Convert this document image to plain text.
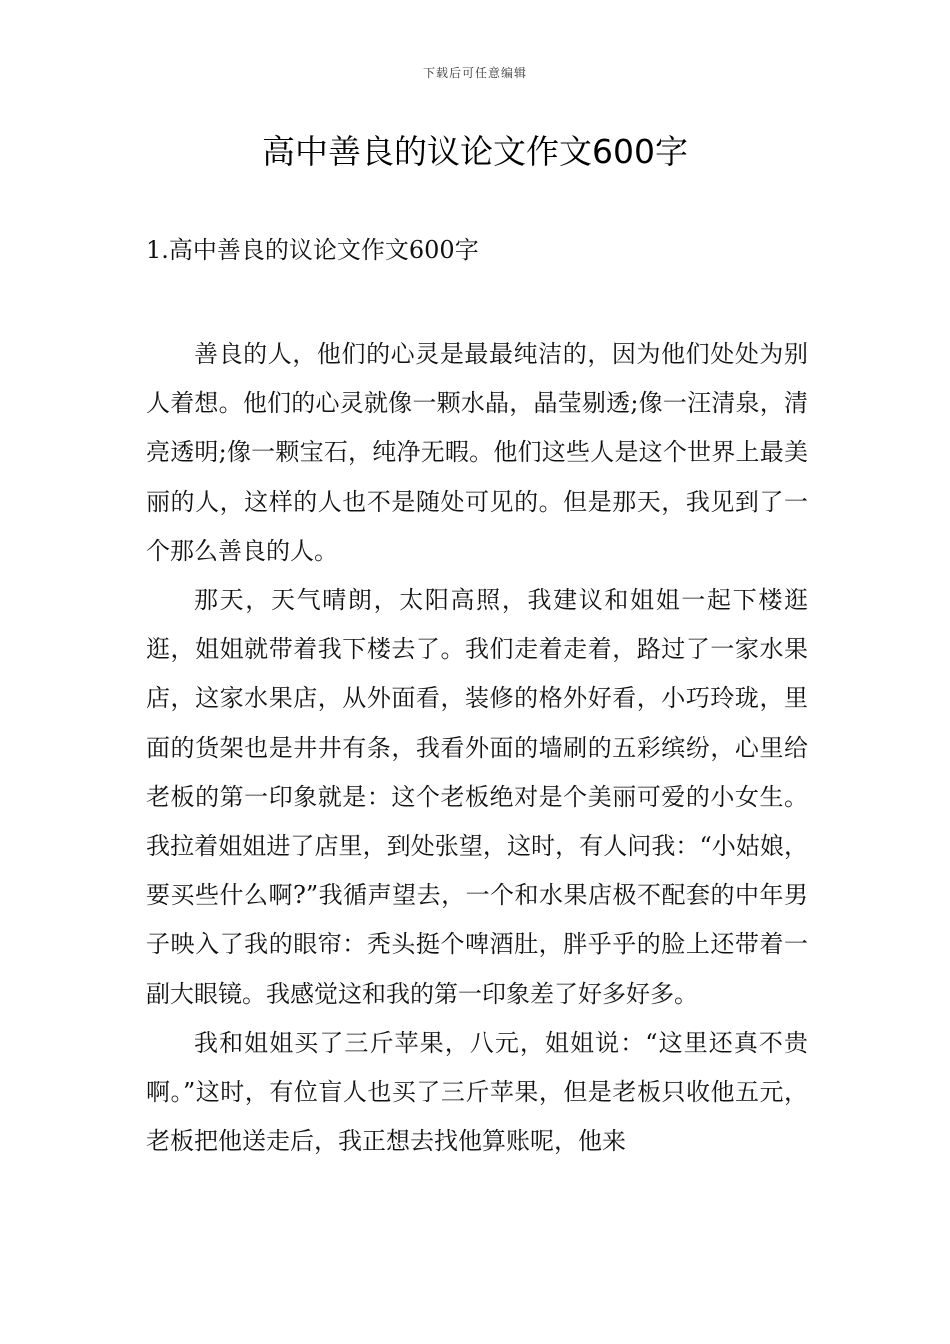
下载后可任意编辑
高中善良的议论文作文600字
1.高中善良的议论文作文600字

善良的人，他们的心灵是最最纯洁的，因为他们处处为别人着想。他们的心灵就像一颗水晶，晶莹剔透;像一汪清泉，清亮透明;像一颗宝石，纯净无暇。他们这些人是这个世界上最美丽的人，这样的人也不是随处可见的。但是那天，我见到了一个那么善良的人。

那天，天气晴朗，太阳高照，我建议和姐姐一起下楼逛逛，姐姐就带着我下楼去了。我们走着走着，路过了一家水果店，这家水果店，从外面看，装修的格外好看，小巧玲珑，里面的货架也是井井有条，我看外面的墙刷的五彩缤纷，心里给老板的第一印象就是：这个老板绝对是个美丽可爱的小女生。我拉着姐姐进了店里，到处张望，这时，有人问我：“小姑娘，要买些什么啊?”我循声望去，一个和水果店极不配套的中年男子映入了我的眼帘：秃头挺个啤酒肚，胖乎乎的脸上还带着一副大眼镜。我感觉这和我的第一印象差了好多好多。

我和姐姐买了三斤苹果，八元，姐姐说：“这里还真不贵啊。”这时，有位盲人也买了三斤苹果，但是老板只收他五元，老板把他送走后，我正想去找他算账呢，他来
